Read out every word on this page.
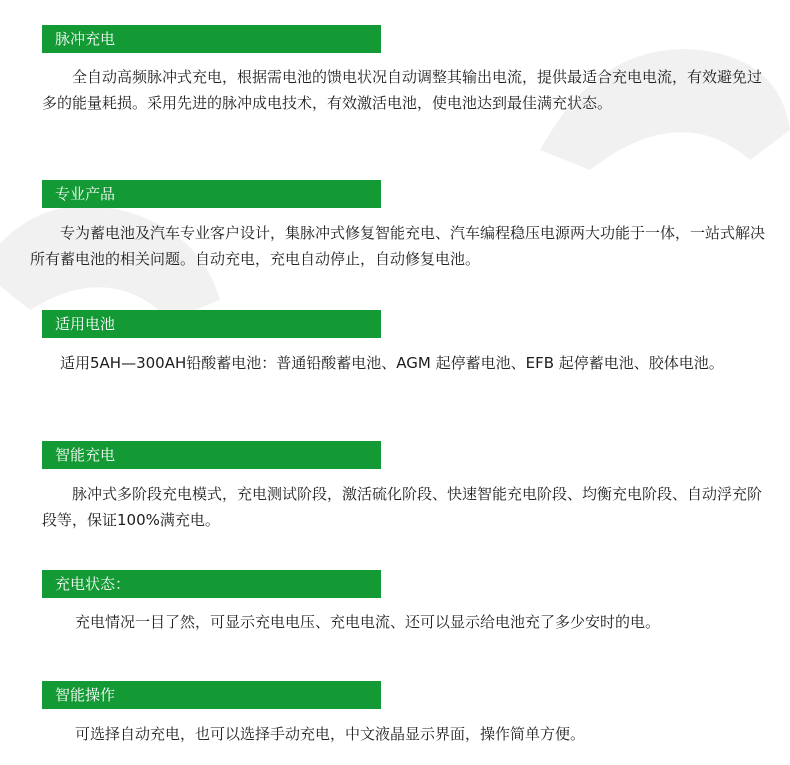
脉冲充电

全自动高频脉冲式充电，根据需电池的馈电状况自动调整其输出电流，提供最适合充电电流，有效避免过多的能量耗损。采用先进的脉冲成电技术，有效激活电池，使电池达到最佳满充状态。

专业产品

专为蓄电池及汽车专业客户设计，集脉冲式修复智能充电、汽车编程稳压电源两大功能于一体，一站式解决所有蓄电池的相关问题。自动充电，充电自动停止，自动修复电池。

适用电池

适用5AH—300AH铅酸蓄电池：普通铅酸蓄电池、AGM 起停蓄电池、EFB 起停蓄电池、胶体电池。

智能充电

脉冲式多阶段充电模式，充电测试阶段，激活硫化阶段、快速智能充电阶段、均衡充电阶段、自动浮充阶段等，保证100%满充电。

充电状态：

充电情况一目了然，可显示充电电压、充电电流、还可以显示给电池充了多少安时的电。

智能操作

可选择自动充电，也可以选择手动充电，中文液晶显示界面，操作简单方便。
